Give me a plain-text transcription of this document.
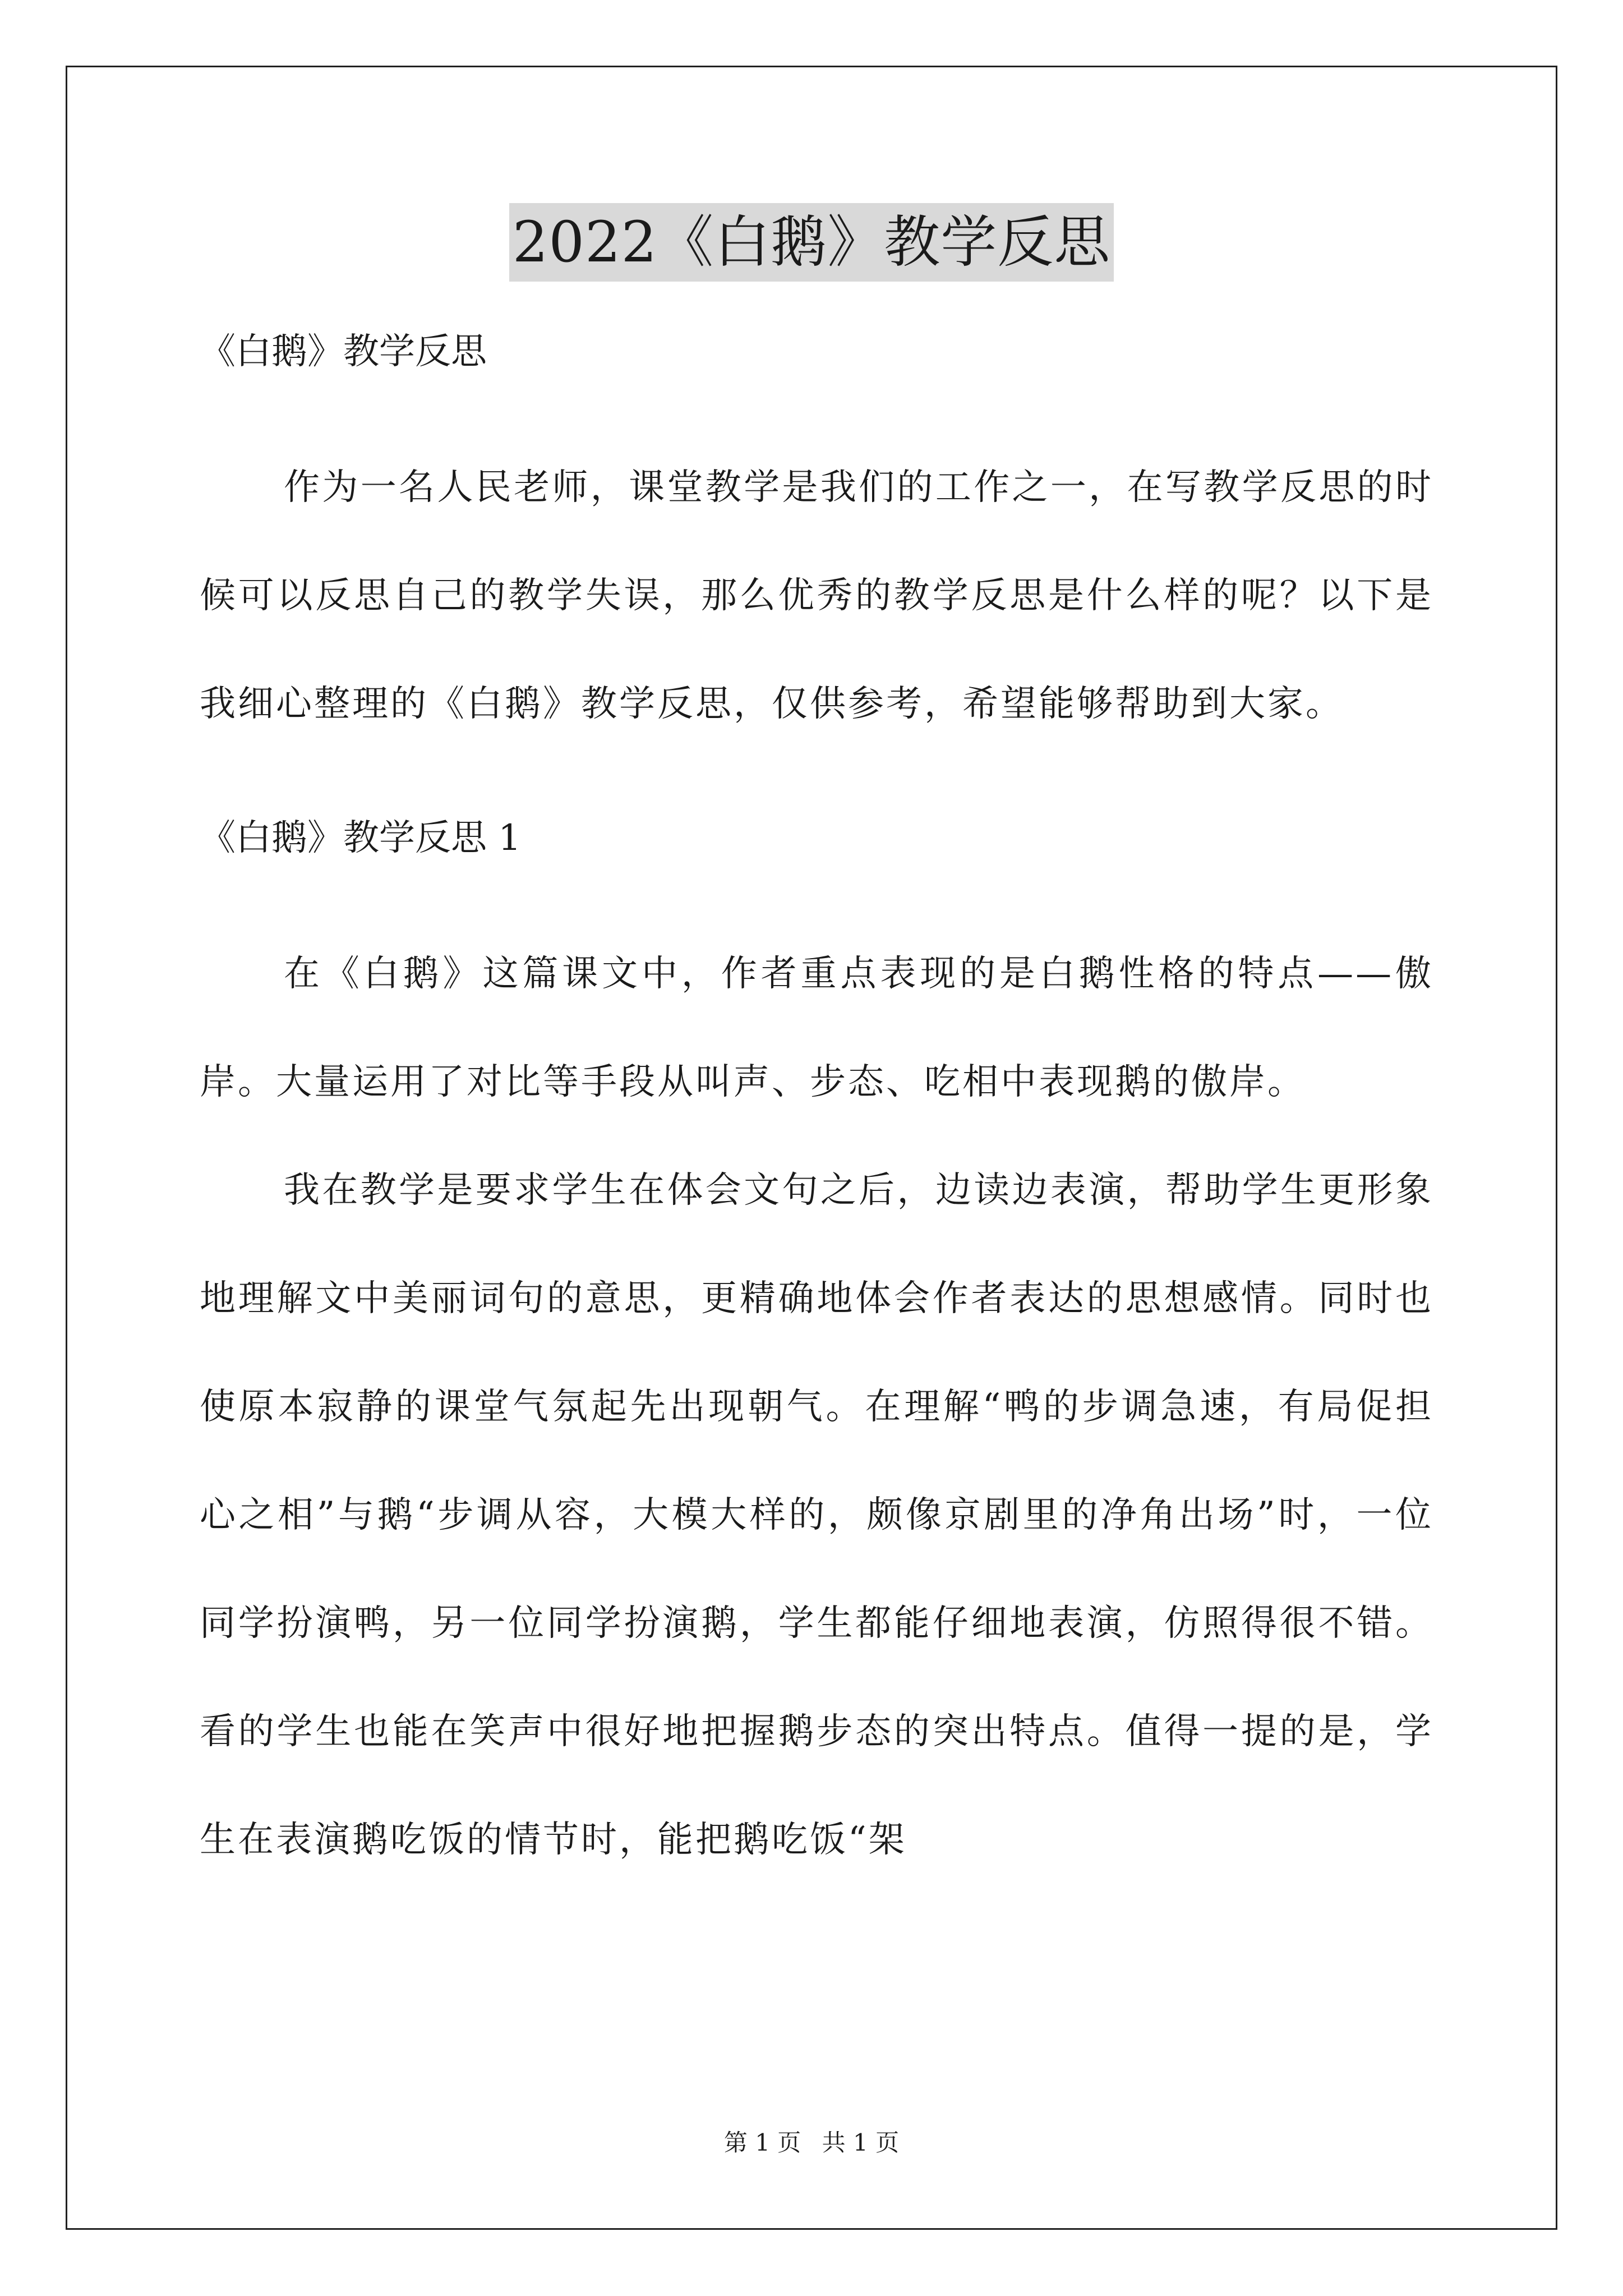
2022《白鹅》教学反思

《白鹅》教学反思

作为一名人民老师，课堂教学是我们的工作之一，在写教学反思的时候可以反思自己的教学失误，那么优秀的教学反思是什么样的呢？以下是我细心整理的《白鹅》教学反思，仅供参考，希望能够帮助到大家。

《白鹅》教学反思 1

在《白鹅》这篇课文中，作者重点表现的是白鹅性格的特点——傲岸。大量运用了对比等手段从叫声、步态、吃相中表现鹅的傲岸。

我在教学是要求学生在体会文句之后，边读边表演，帮助学生更形象地理解文中美丽词句的意思，更精确地体会作者表达的思想感情。同时也使原本寂静的课堂气氛起先出现朝气。在理解“鸭的步调急速，有局促担心之相”与鹅“步调从容，大模大样的，颇像京剧里的净角出场”时，一位同学扮演鸭，另一位同学扮演鹅，学生都能仔细地表演，仿照得很不错。看的学生也能在笑声中很好地把握鹅步态的突出特点。值得一提的是，学生在表演鹅吃饭的情节时，能把鹅吃饭“架

第 1 页 共 1 页
